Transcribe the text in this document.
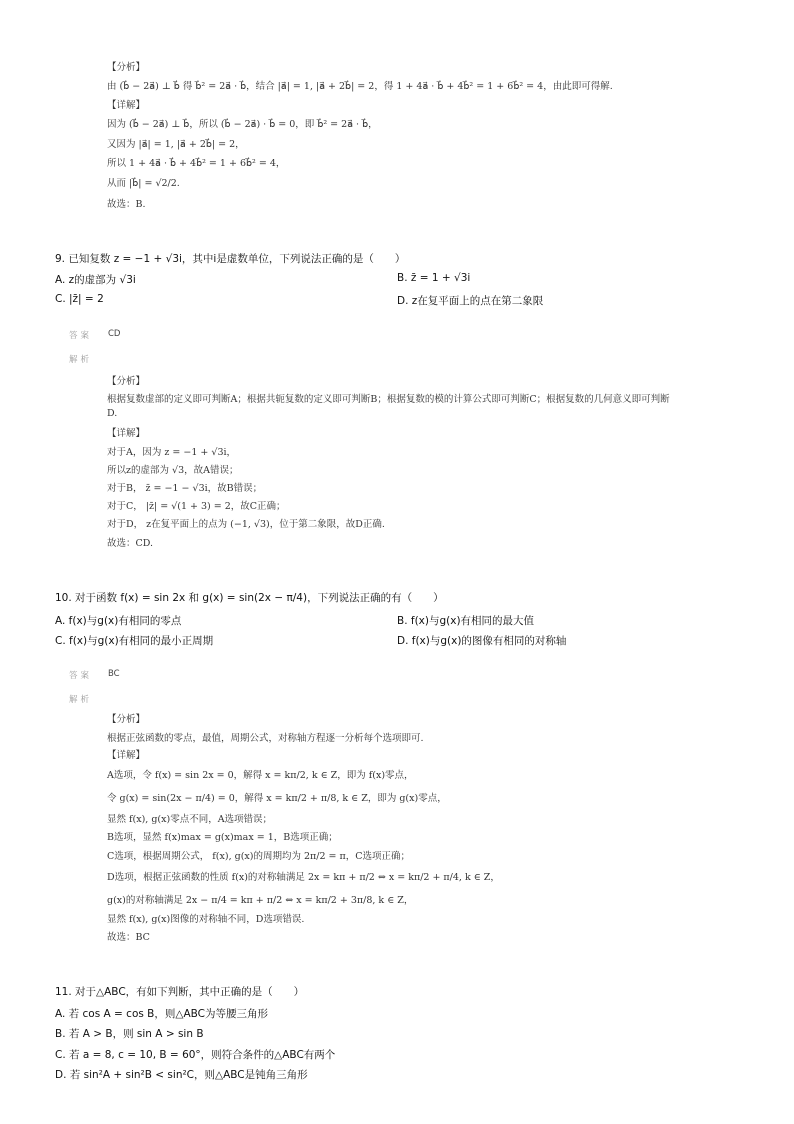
【分析】
由 (b⃗ − 2a⃗) ⊥ b⃗ 得 b⃗² = 2a⃗ · b⃗，结合 |a⃗| = 1, |a⃗ + 2b⃗| = 2，得 1 + 4a⃗ · b⃗ + 4b⃗² = 1 + 6b⃗² = 4，由此即可得解.
【详解】
因为 (b⃗ − 2a⃗) ⊥ b⃗，所以 (b⃗ − 2a⃗) · b⃗ = 0，即 b⃗² = 2a⃗ · b⃗，
又因为 |a⃗| = 1, |a⃗ + 2b⃗| = 2，
所以 1 + 4a⃗ · b⃗ + 4b⃗² = 1 + 6b⃗² = 4，
从而 |b⃗| = √2/2.
故选：B.
9. 已知复数 z = −1 + √3i，其中i是虚数单位，下列说法正确的是（　　）
A. z的虚部为 √3i	B. z̄ = 1 + √3i
C. |z̄| = 2	D. z在复平面上的点在第二象限
答案 CD
解析
【分析】
根据复数虚部的定义即可判断A；根据共轭复数的定义即可判断B；根据复数的模的计算公式即可判断C；根据复数的几何意义即可判断
D.
【详解】
对于A，因为 z = −1 + √3i，
所以z的虚部为 √3，故A错误；
对于B， z̄ = −1 − √3i，故B错误；
对于C， |z̄| = √(1 + 3) = 2，故C正确；
对于D， z在复平面上的点为 (−1, √3)，位于第二象限，故D正确.
故选：CD.
10. 对于函数 f(x) = sin 2x 和 g(x) = sin(2x − π/4)，下列说法正确的有（　　）
A. f(x)与g(x)有相同的零点	B. f(x)与g(x)有相同的最大值
C. f(x)与g(x)有相同的最小正周期	D. f(x)与g(x)的图像有相同的对称轴
答案 BC
解析
【分析】
根据正弦函数的零点，最值，周期公式，对称轴方程逐一分析每个选项即可.
【详解】
A选项，令 f(x) = sin 2x = 0，解得 x = kπ/2, k ∈ Z，即为 f(x)零点，
令 g(x) = sin(2x − π/4) = 0，解得 x = kπ/2 + π/8, k ∈ Z，即为 g(x)零点，
显然 f(x), g(x)零点不同，A选项错误；
B选项，显然 f(x)max = g(x)max = 1，B选项正确；
C选项，根据周期公式， f(x), g(x)的周期均为 2π/2 = π，C选项正确；
D选项，根据正弦函数的性质 f(x)的对称轴满足 2x = kπ + π/2 ⇔ x = kπ/2 + π/4, k ∈ Z，
g(x)的对称轴满足 2x − π/4 = kπ + π/2 ⇔ x = kπ/2 + 3π/8, k ∈ Z，
显然 f(x), g(x)图像的对称轴不同，D选项错误.
故选：BC
11. 对于△ABC，有如下判断，其中正确的是（　　）
A. 若 cos A = cos B，则△ABC为等腰三角形
B. 若 A > B，则 sin A > sin B
C. 若 a = 8, c = 10, B = 60°，则符合条件的△ABC有两个
D. 若 sin²A + sin²B < sin²C，则△ABC是钝角三角形
